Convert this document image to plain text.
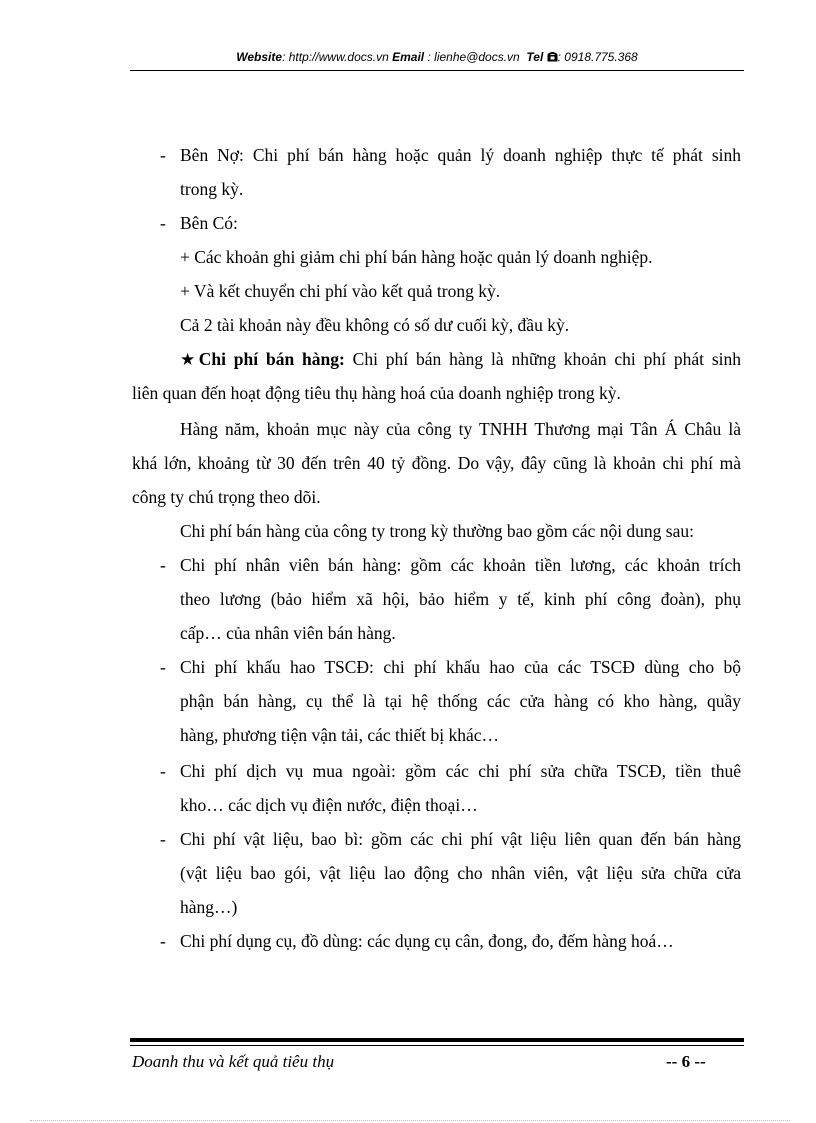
Website: http://www.docs.vn Email : lienhe@docs.vn Tel : 0918.775.368
- Bên Nợ: Chi phí bán hàng hoặc quản lý doanh nghiệp thực tế phát sinh
trong kỳ.
- Bên Có:
+ Các khoản ghi giảm chi phí bán hàng hoặc quản lý doanh nghiệp.
+ Và kết chuyển chi phí vào kết quả trong kỳ.
Cả 2 tài khoản này đều không có số dư cuối kỳ, đầu kỳ.
★Chi phí bán hàng: Chi phí bán hàng là những khoản chi phí phát sinh
liên quan đến hoạt động tiêu thụ hàng hoá của doanh nghiệp trong kỳ.
Hàng năm, khoản mục này của công ty TNHH Thương mại Tân Á Châu là
khá lớn, khoảng từ 30 đến trên 40 tỷ đồng. Do vậy, đây cũng là khoản chi phí mà
công ty chú trọng theo dõi.
Chi phí bán hàng của công ty trong kỳ thường bao gồm các nội dung sau:
- Chi phí nhân viên bán hàng: gồm các khoản tiền lương, các khoản trích
theo lương (bảo hiểm xã hội, bảo hiểm y tế, kinh phí công đoàn), phụ
cấp… của nhân viên bán hàng.
- Chi phí khấu hao TSCĐ: chi phí khấu hao của các TSCĐ dùng cho bộ
phận bán hàng, cụ thể là tại hệ thống các cửa hàng có kho hàng, quầy
hàng, phương tiện vận tải, các thiết bị khác…
- Chi phí dịch vụ mua ngoài: gồm các chi phí sửa chữa TSCĐ, tiền thuê
kho… các dịch vụ điện nước, điện thoại…
- Chi phí vật liệu, bao bì: gồm các chi phí vật liệu liên quan đến bán hàng
(vật liệu bao gói, vật liệu lao động cho nhân viên, vật liệu sửa chữa cửa
hàng…)
- Chi phí dụng cụ, đồ dùng: các dụng cụ cân, đong, đo, đếm hàng hoá…
Doanh thu và kết quả tiêu thụ	-- 6 --
